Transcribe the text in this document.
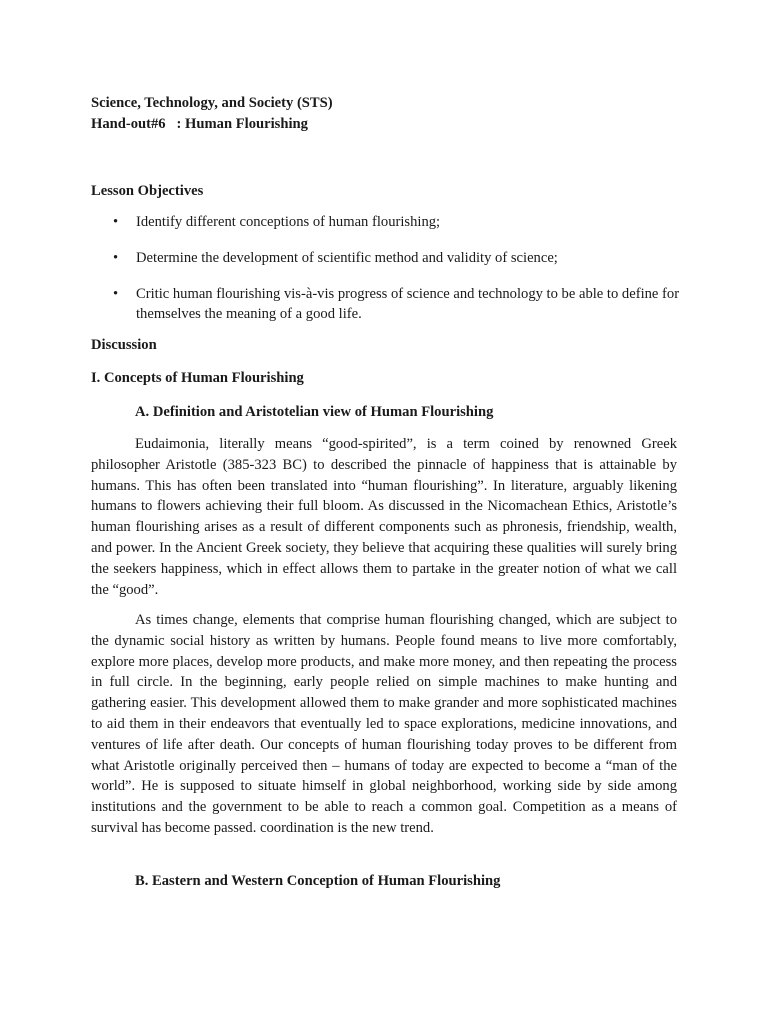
Science, Technology, and Society (STS)
Hand-out#6   : Human Flourishing
Lesson Objectives
• Identify different conceptions of human flourishing;
• Determine the development of scientific method and validity of science;
• Critic human flourishing vis-à-vis progress of science and technology to be able to define for themselves the meaning of a good life.
Discussion
I. Concepts of Human Flourishing
A. Definition and Aristotelian view of Human Flourishing

Eudaimonia, literally means “good-spirited”, is a term coined by renowned Greek philosopher Aristotle (385-323 BC) to described the pinnacle of happiness that is attainable by humans. This has often been translated into “human flourishing”. In literature, arguably likening humans to flowers achieving their full bloom. As discussed in the Nicomachean Ethics, Aristotle’s human flourishing arises as a result of different components such as phronesis, friendship, wealth, and power. In the Ancient Greek society, they believe that acquiring these qualities will surely bring the seekers happiness, which in effect allows them to partake in the greater notion of what we call the “good”.

As times change, elements that comprise human flourishing changed, which are subject to the dynamic social history as written by humans. People found means to live more comfortably, explore more places, develop more products, and make more money, and then repeating the process in full circle. In the beginning, early people relied on simple machines to make hunting and gathering easier. This development allowed them to make grander and more sophisticated machines to aid them in their endeavors that eventually led to space explorations, medicine innovations, and ventures of life after death. Our concepts of human flourishing today proves to be different from what Aristotle originally perceived then – humans of today are expected to become a “man of the world”. He is supposed to situate himself in global neighborhood, working side by side among institutions and the government to be able to reach a common goal. Competition as a means of survival has become passed. coordination is the new trend.

B. Eastern and Western Conception of Human Flourishing
